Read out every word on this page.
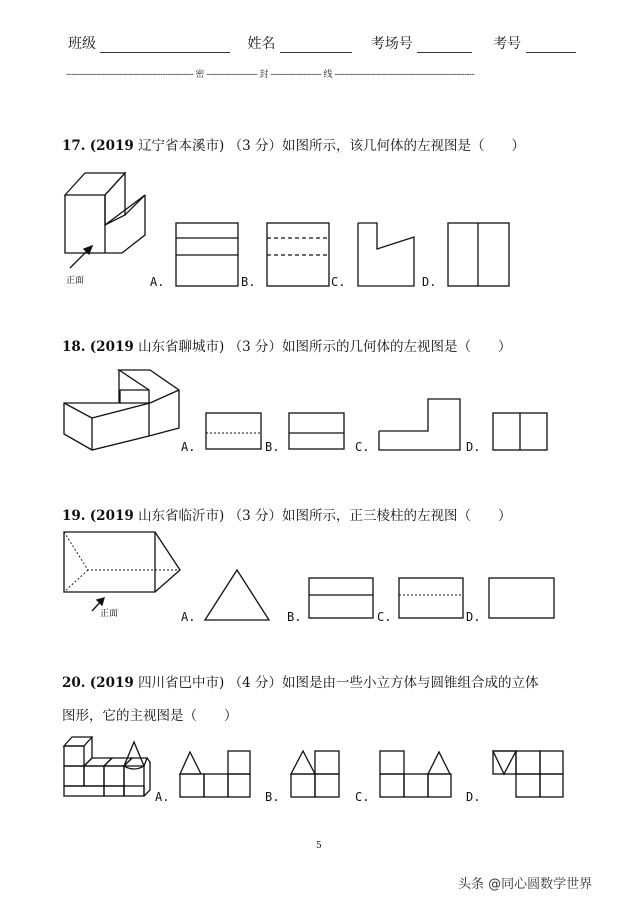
班级	姓名	考场号	考号
-------------------------------------------------- 密 -------------------- 封 -------------------- 线 -------------------------------------------------------
17. (2019 辽宁省本溪市) （3 分）如图所示，该几何体的左视图是（　　）
正面	A.	B.	C.	D.
18. (2019 山东省聊城市) （3 分）如图所示的几何体的左视图是（　　）
A.	B.	C.	D.
19. (2019 山东省临沂市) （3 分）如图所示，正三棱柱的左视图（　　）
正面	A.	B.	C.	D.
20. (2019 四川省巴中市) （4 分）如图是由一些小立方体与圆锥组合成的立体
图形，它的主视图是（　　）
A.	B.	C.	D.
5
头条 @同心圆数学世界
